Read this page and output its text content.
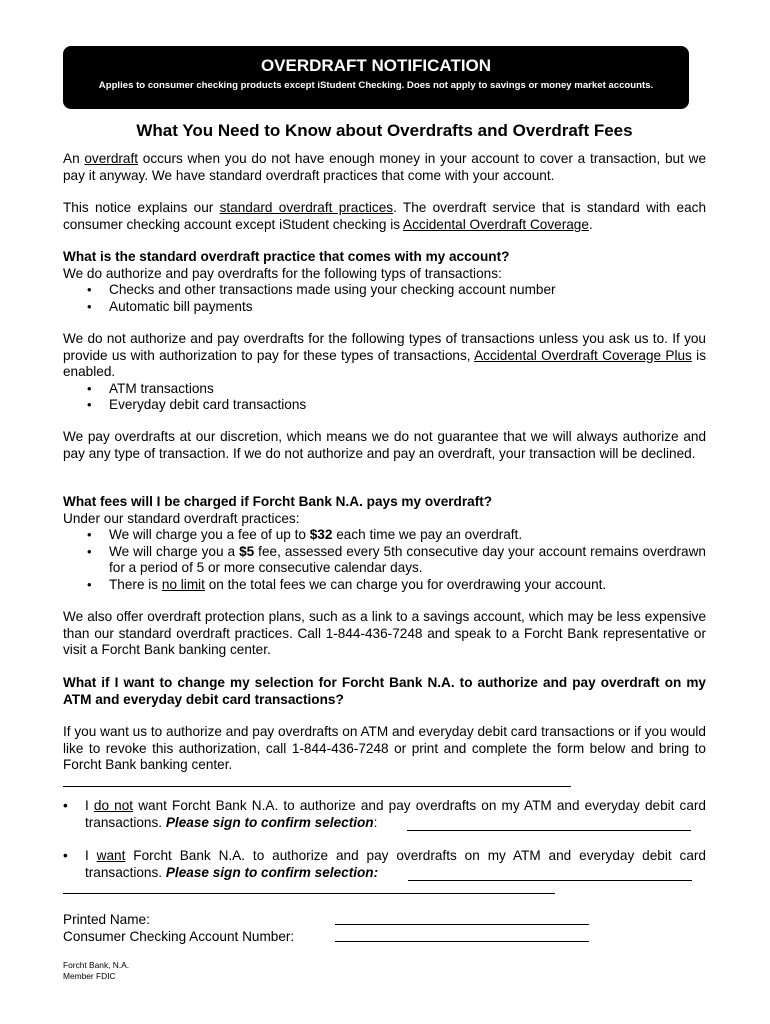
OVERDRAFT NOTIFICATION
Applies to consumer checking products except iStudent Checking. Does not apply to savings or money market accounts.
What You Need to Know about Overdrafts and Overdraft Fees
An overdraft occurs when you do not have enough money in your account to cover a transaction, but we pay it anyway. We have standard overdraft practices that come with your account.
This notice explains our standard overdraft practices. The overdraft service that is standard with each consumer checking account except iStudent checking is Accidental Overdraft Coverage.
What is the standard overdraft practice that comes with my account?
We do authorize and pay overdrafts for the following typs of transactions:
• Checks and other transactions made using your checking account number
• Automatic bill payments
We do not authorize and pay overdrafts for the following types of transactions unless you ask us to. If you provide us with authorization to pay for these types of transactions, Accidental Overdraft Coverage Plus is enabled.
• ATM transactions
• Everyday debit card transactions
We pay overdrafts at our discretion, which means we do not guarantee that we will always authorize and pay any type of transaction. If we do not authorize and pay an overdraft, your transaction will be declined.
What fees will I be charged if Forcht Bank N.A. pays my overdraft?
Under our standard overdraft practices:
• We will charge you a fee of up to $32 each time we pay an overdraft.
• We will charge you a $5 fee, assessed every 5th consecutive day your account remains overdrawn for a period of 5 or more consecutive calendar days.
• There is no limit on the total fees we can charge you for overdrawing your account.
We also offer overdraft protection plans, such as a link to a savings account, which may be less expensive than our standard overdraft practices. Call 1-844-436-7248 and speak to a Forcht Bank representative or visit a Forcht Bank banking center.
What if I want to change my selection for Forcht Bank N.A. to authorize and pay overdraft on my ATM and everyday debit card transactions?
If you want us to authorize and pay overdrafts on ATM and everyday debit card transactions or if you would like to revoke this authorization, call 1-844-436-7248 or print and complete the form below and bring to Forcht Bank banking center.
• I do not want Forcht Bank N.A. to authorize and pay overdrafts on my ATM and everyday debit card transactions. Please sign to confirm selection:
• I want Forcht Bank N.A. to authorize and pay overdrafts on my ATM and everyday debit card transactions. Please sign to confirm selection:
Printed Name:
Consumer Checking Account Number:
Forcht Bank, N.A.
Member FDIC
